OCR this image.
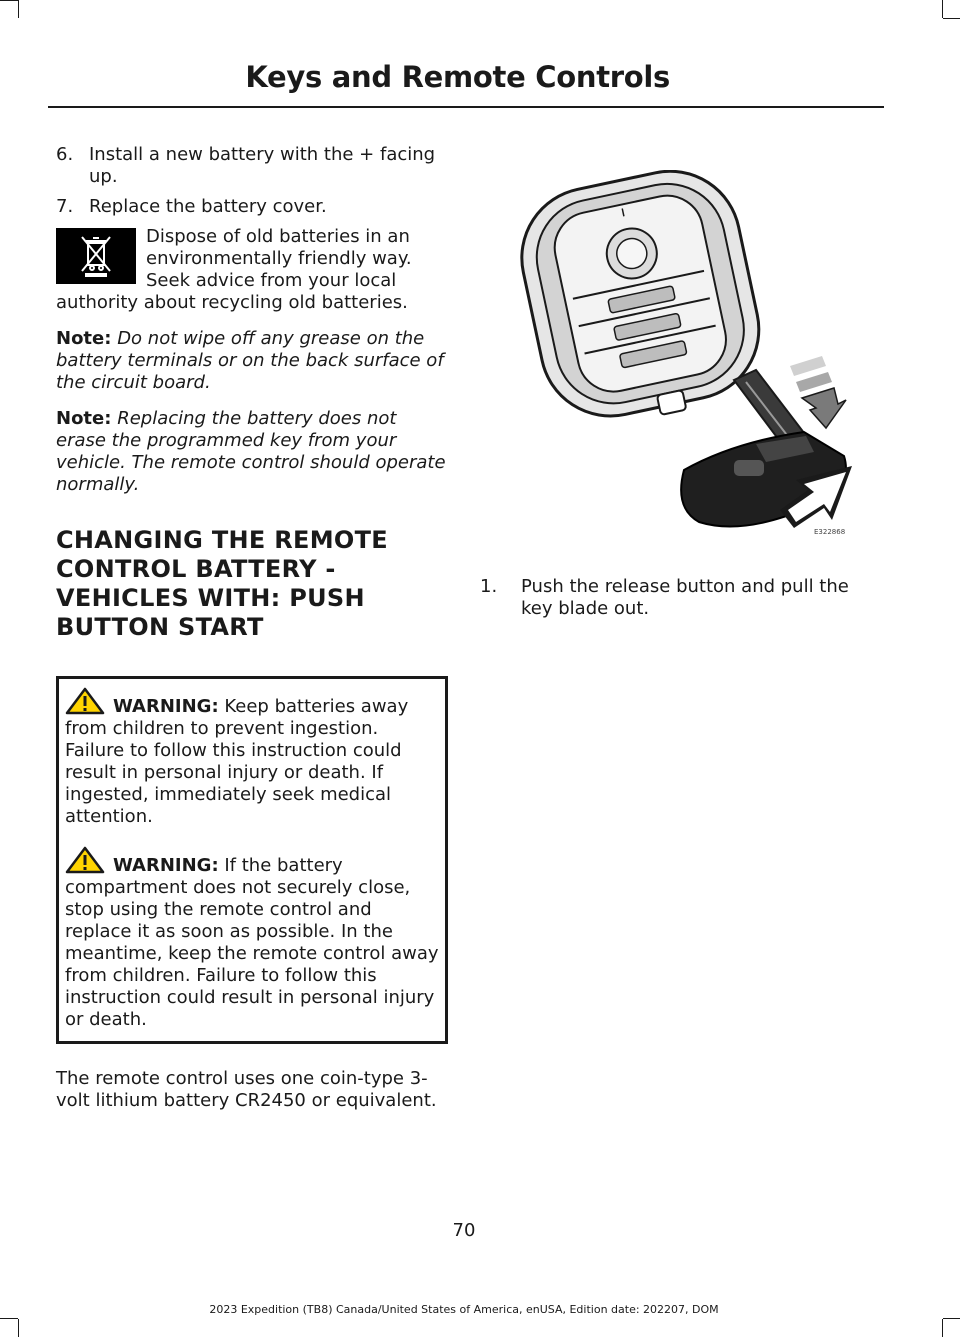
Keys and Remote Controls
6. Install a new battery with the + facing up.
7. Replace the battery cover.
Dispose of old batteries in an environmentally friendly way. Seek advice from your local authority about recycling old batteries.
Note: Do not wipe off any grease on the battery terminals or on the back surface of the circuit board.
Note: Replacing the battery does not erase the programmed key from your vehicle. The remote control should operate normally.
CHANGING THE REMOTE
CONTROL BATTERY -
VEHICLES WITH: PUSH
BUTTON START

WARNING: Keep batteries away from children to prevent ingestion. Failure to follow this instruction could result in personal injury or death. If ingested, immediately seek medical attention.

WARNING: If the battery compartment does not securely close, stop using the remote control and replace it as soon as possible. In the meantime, keep the remote control away from children. Failure to follow this instruction could result in personal injury or death.

The remote control uses one coin-type 3-volt lithium battery CR2450 or equivalent.
E322868
1. Push the release button and pull the key blade out.
70
2023 Expedition (TB8) Canada/United States of America, enUSA, Edition date: 202207, DOM
